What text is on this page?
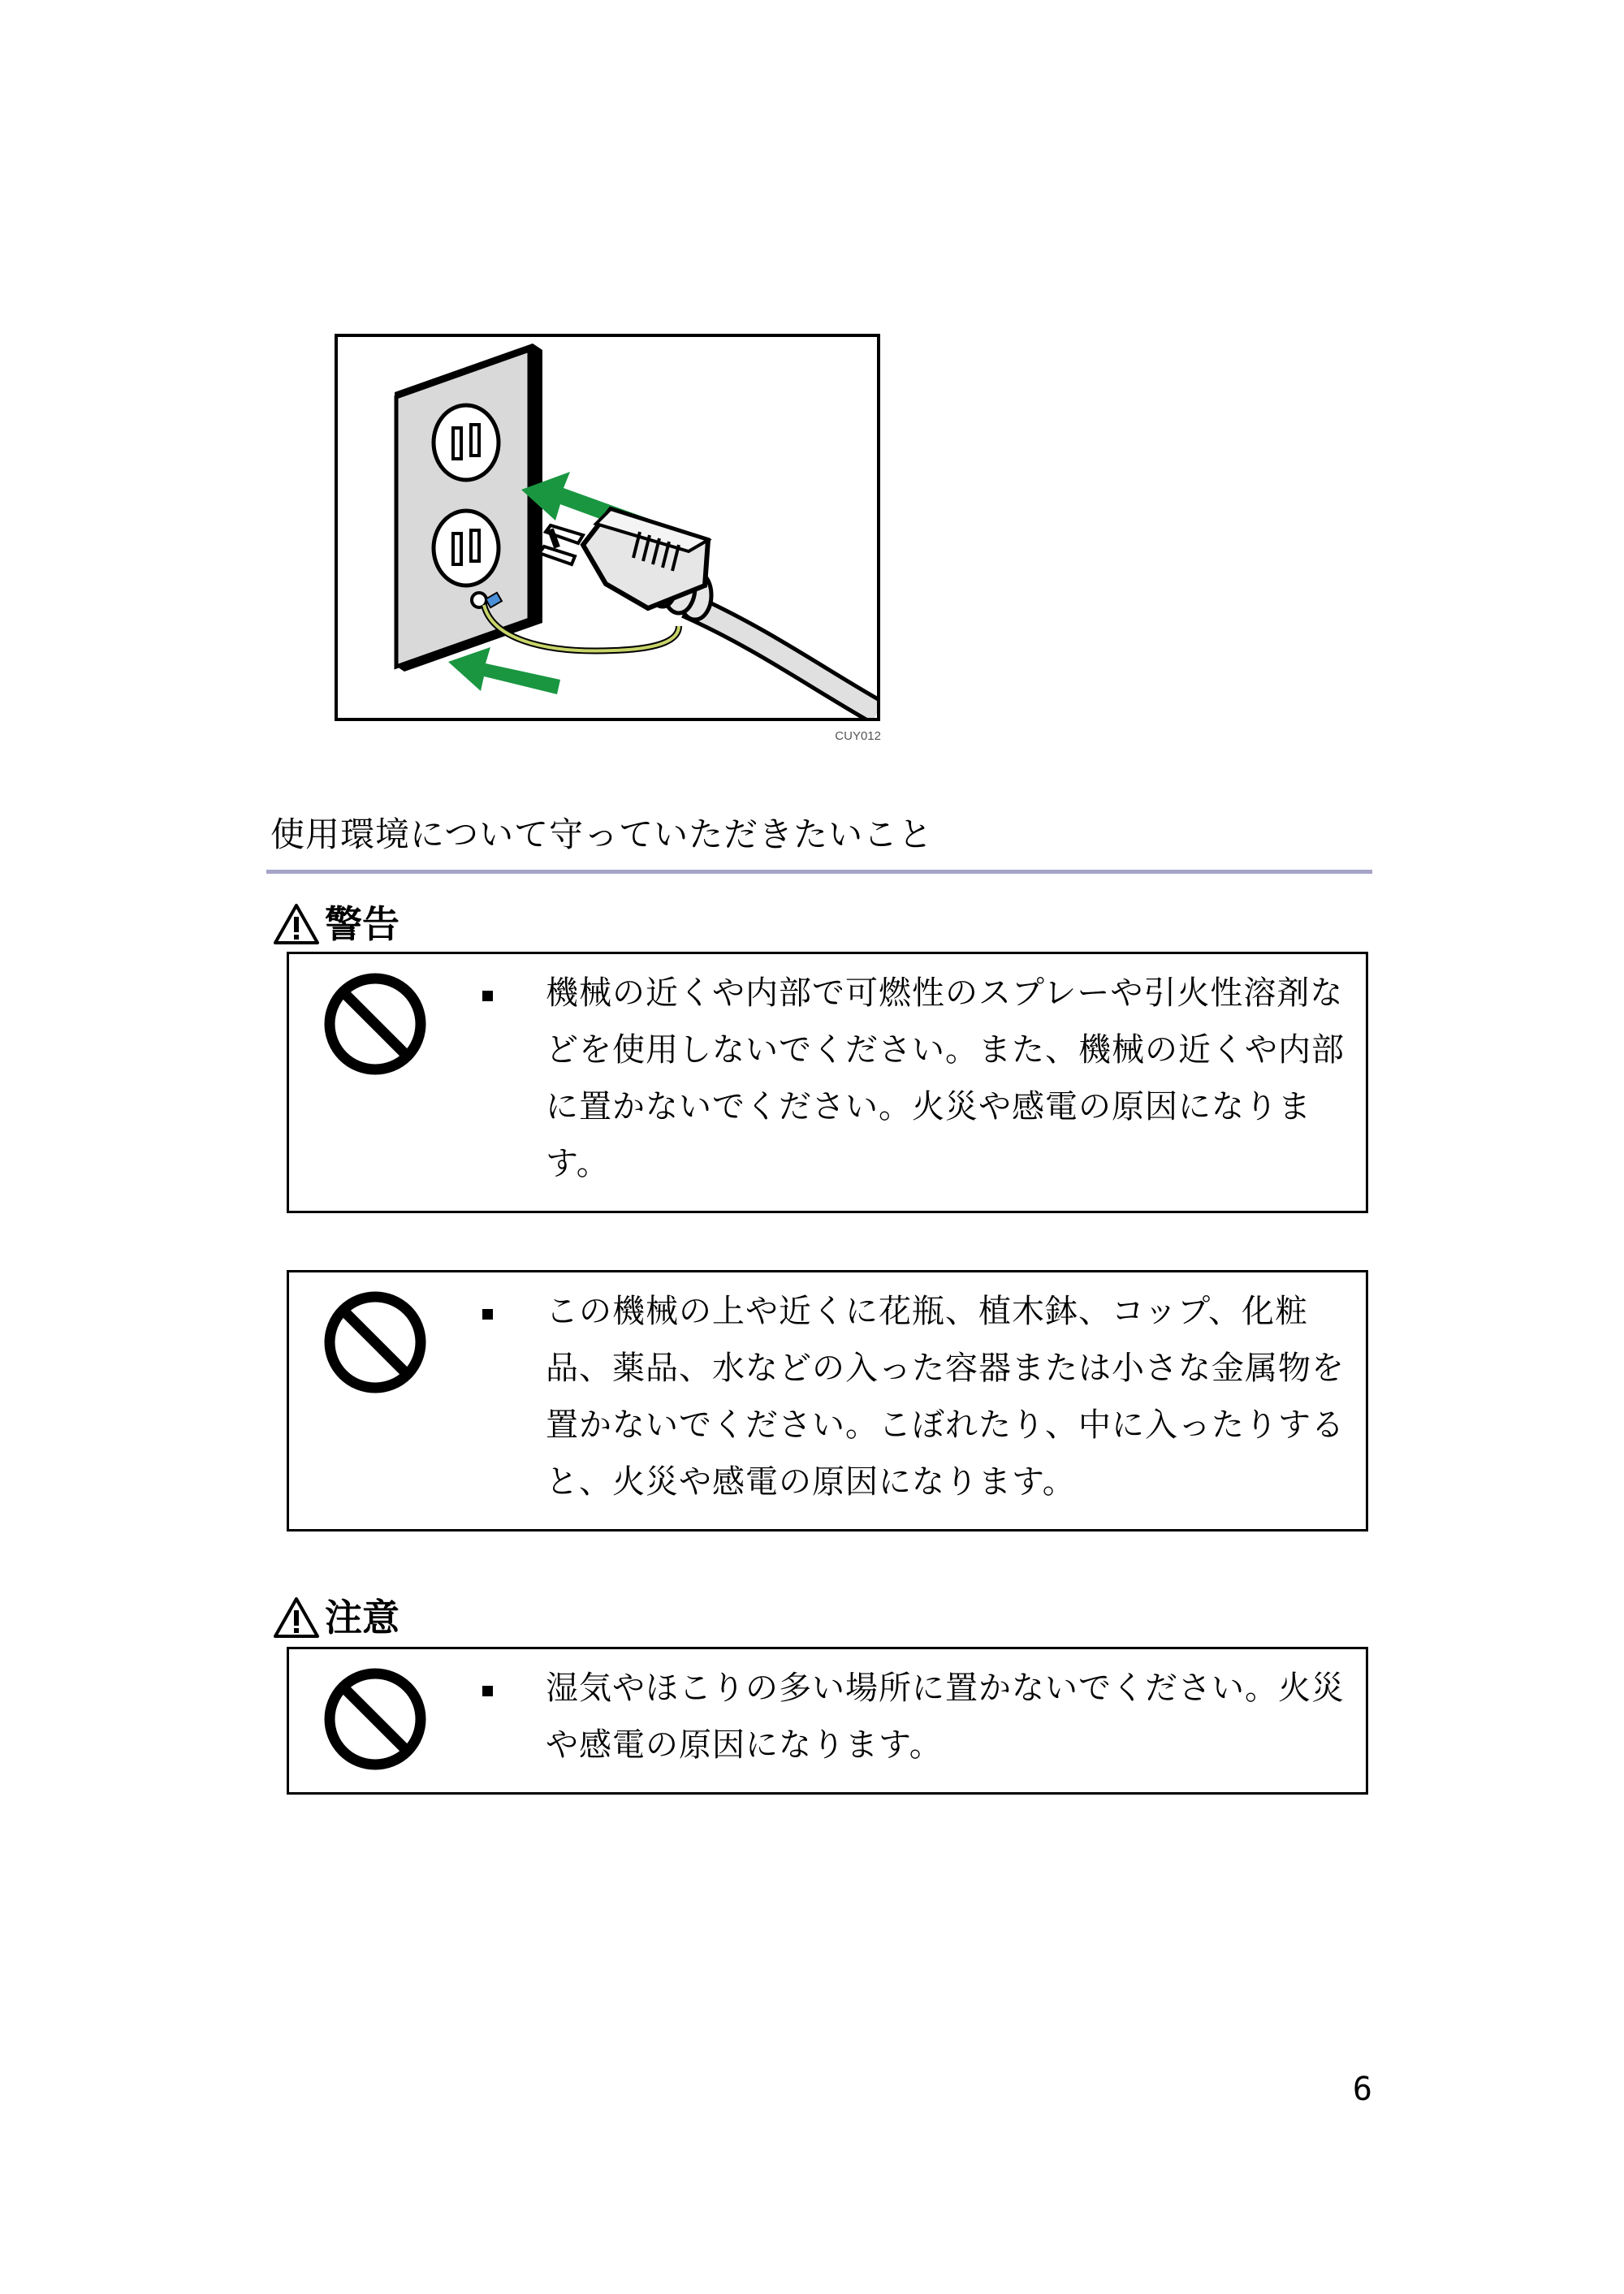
CUY012
使用環境について守っていただきたいこと
警告
機械の近くや内部で可燃性のスプレーや引火性溶剤な
どを使用しないでください。また、機械の近くや内部
に置かないでください。火災や感電の原因になりま
す。
この機械の上や近くに花瓶、植木鉢、コップ、化粧
品、薬品、水などの入った容器または小さな金属物を
置かないでください。こぼれたり、中に入ったりする
と、火災や感電の原因になります。
注意
湿気やほこりの多い場所に置かないでください。火災
や感電の原因になります。
6
